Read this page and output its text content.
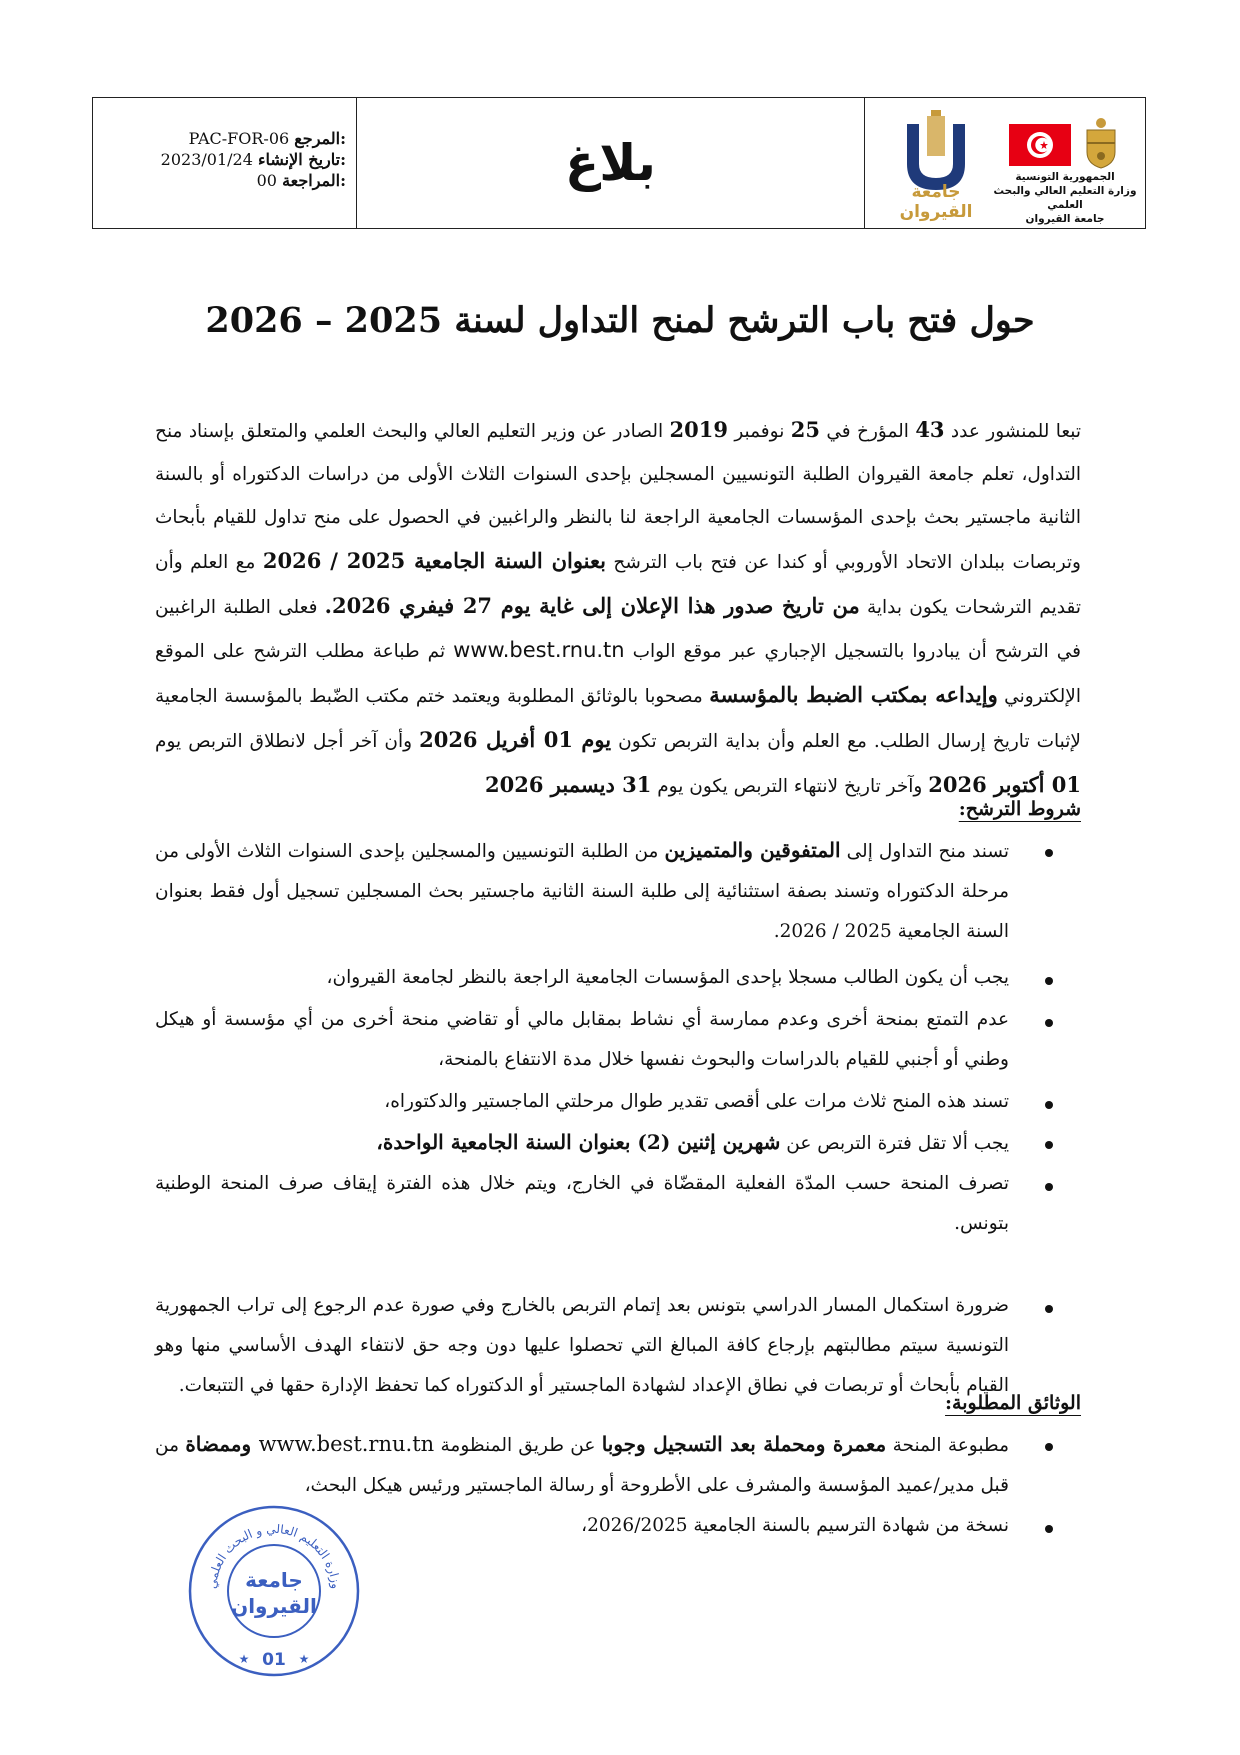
PAC-FOR-06 المرجع:
2023/01/24 تاريخ الإنشاء:
00 المراجعة:	بلاغ	جامعة القيروان
الجمهورية التونسية
وزارة التعليم العالي والبحث العلمي
جامعة القيروان
حول فتح باب الترشح لمنح التداول لسنة 2025 – 2026
تبعا للمنشور عدد 43 المؤرخ في 25 نوفمبر 2019 الصادر عن وزير التعليم العالي والبحث العلمي والمتعلق بإسناد منح التداول، تعلم جامعة القيروان الطلبة التونسيين المسجلين بإحدى السنوات الثلاث الأولى من دراسات الدكتوراه أو بالسنة الثانية ماجستير بحث بإحدى المؤسسات الجامعية الراجعة لنا بالنظر والراغبين في الحصول على منح تداول للقيام بأبحاث وتربصات ببلدان الاتحاد الأوروبي أو كندا عن فتح باب الترشح بعنوان السنة الجامعية 2025 / 2026 مع العلم وأن تقديم الترشحات يكون بداية من تاريخ صدور هذا الإعلان إلى غاية يوم 27 فيفري 2026. فعلى الطلبة الراغبين في الترشح أن يبادروا بالتسجيل الإجباري عبر موقع الواب www.best.rnu.tn ثم طباعة مطلب الترشح على الموقع الإلكتروني وإيداعه بمكتب الضبط بالمؤسسة مصحوبا بالوثائق المطلوبة ويعتمد ختم مكتب الضّبط بالمؤسسة الجامعية لإثبات تاريخ إرسال الطلب. مع العلم وأن بداية التربص تكون يوم 01 أفريل 2026 وأن آخر أجل لانطلاق التربص يوم 01 أكتوبر 2026 وآخر تاريخ لانتهاء التربص يكون يوم 31 ديسمبر 2026
شروط الترشح:
تسند منح التداول إلى المتفوقين والمتميزين من الطلبة التونسيين والمسجلين بإحدى السنوات الثلاث الأولى من مرحلة الدكتوراه وتسند بصفة استثنائية إلى طلبة السنة الثانية ماجستير بحث المسجلين تسجيل أول فقط بعنوان السنة الجامعية 2025 / 2026.
يجب أن يكون الطالب مسجلا بإحدى المؤسسات الجامعية الراجعة بالنظر لجامعة القيروان،
عدم التمتع بمنحة أخرى وعدم ممارسة أي نشاط بمقابل مالي أو تقاضي منحة أخرى من أي مؤسسة أو هيكل وطني أو أجنبي للقيام بالدراسات والبحوث نفسها خلال مدة الانتفاع بالمنحة،
تسند هذه المنح ثلاث مرات على أقصى تقدير طوال مرحلتي الماجستير والدكتوراه،
يجب ألا تقل فترة التربص عن شهرين إثنين (2) بعنوان السنة الجامعية الواحدة،
تصرف المنحة حسب المدّة الفعلية المقضّاة في الخارج، ويتم خلال هذه الفترة إيقاف صرف المنحة الوطنية بتونس.
ضرورة استكمال المسار الدراسي بتونس بعد إتمام التربص بالخارج وفي صورة عدم الرجوع إلى تراب الجمهورية التونسية سيتم مطالبتهم بإرجاع كافة المبالغ التي تحصلوا عليها دون وجه حق لانتفاء الهدف الأساسي منها وهو القيام بأبحاث أو تربصات في نطاق الإعداد لشهادة الماجستير أو الدكتوراه كما تحفظ الإدارة حقها في التتبعات.
الوثائق المطلوبة:
مطبوعة المنحة معمرة ومحملة بعد التسجيل وجوبا عن طريق المنظومة www.best.rnu.tn وممضاة من قبل مدير/عميد المؤسسة والمشرف على الأطروحة أو رسالة الماجستير ورئيس هيكل البحث،
نسخة من شهادة الترسيم بالسنة الجامعية 2026/2025،
وزارة التعليم العالي و البحث العلمي
جامعة
القيروان
01
★	★
